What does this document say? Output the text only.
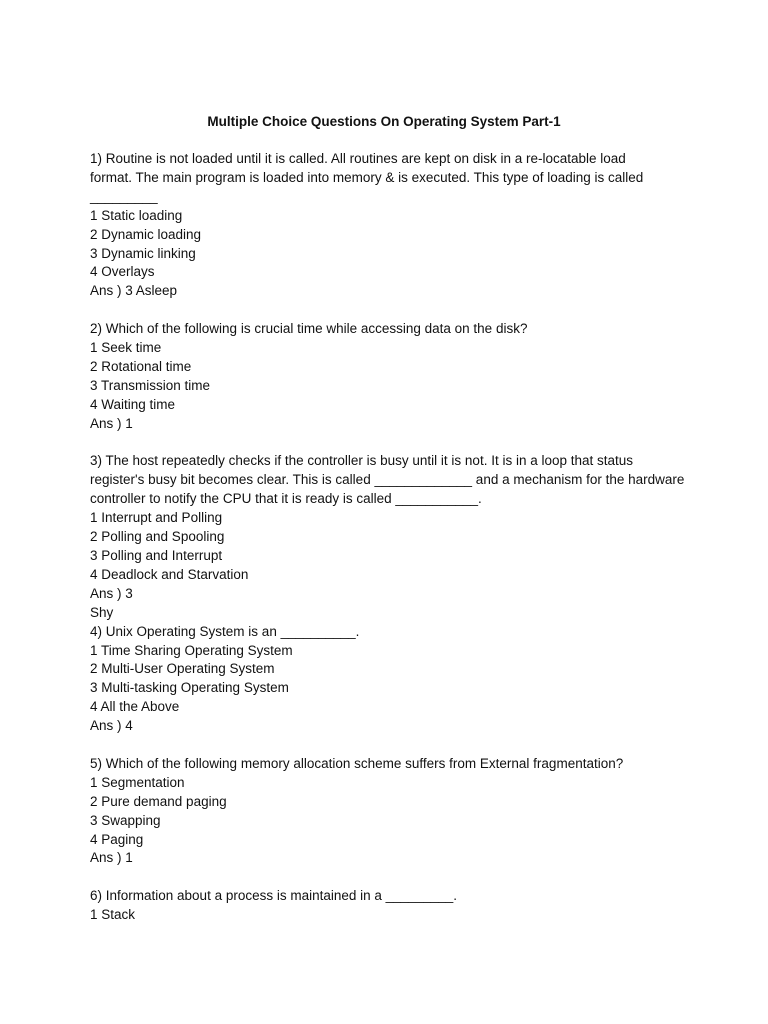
Multiple Choice Questions On Operating System Part-1
1) Routine is not loaded until it is called. All routines are kept on disk in a re-locatable load
format. The main program is loaded into memory & is executed. This type of loading is called
_________
1 Static loading
2 Dynamic loading
3 Dynamic linking
4 Overlays
Ans ) 3 Asleep
2) Which of the following is crucial time while accessing data on the disk?
1 Seek time
2 Rotational time
3 Transmission time
4 Waiting time
Ans ) 1
3) The host repeatedly checks if the controller is busy until it is not. It is in a loop that status
register's busy bit becomes clear. This is called _____________ and a mechanism for the hardware
controller to notify the CPU that it is ready is called ___________.
1 Interrupt and Polling
2 Polling and Spooling
3 Polling and Interrupt
4 Deadlock and Starvation
Ans ) 3
Shy
4) Unix Operating System is an __________.
1 Time Sharing Operating System
2 Multi-User Operating System
3 Multi-tasking Operating System
4 All the Above
Ans ) 4
5) Which of the following memory allocation scheme suffers from External fragmentation?
1 Segmentation
2 Pure demand paging
3 Swapping
4 Paging
Ans ) 1
6) Information about a process is maintained in a _________.
1 Stack
